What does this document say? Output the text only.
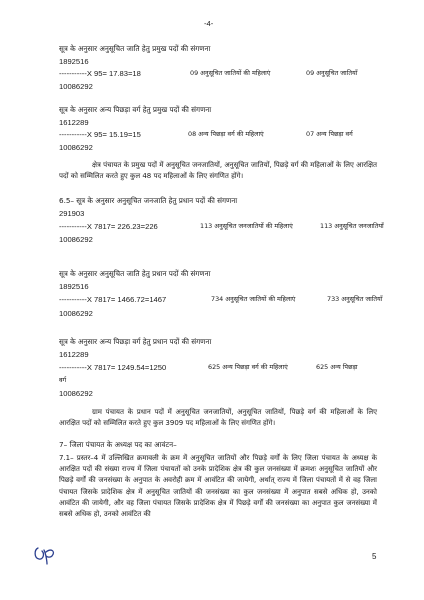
-4-
सूत्र के अनुसार अनुसूचित जाति हेतु प्रमुख पदों की संगणना
1892516
-----------X 95= 17.83=18	09 अनुसूचित जातियों की महिलाएं	09 अनुसूचित जातियाँ
10086292
सूत्र के अनुसार अन्य पिछड़ा वर्ग हेतु प्रमुख पदों की संगणना
1612289
-----------X 95= 15.19=15	08 अन्य पिछड़ा वर्ग की महिलाएं	07 अन्य पिछड़ा वर्ग
10086292
क्षेत्र पंचायत के प्रमुख पदों में अनुसूचित जनजातियों, अनुसूचित जातियों, पिछड़े वर्ग की महिलाओं के लिए आरक्षित पदों को सम्मिलित करते हुए कुल 48 पद महिलाओं के लिए संगणित होंगे।
6.5– सूत्र के अनुसार अनुसूचित जनजाति हेतु प्रधान पदों की संगणना
291903
-----------X 7817= 226.23=226	113 अनुसूचित जनजातियों की महिलाएं	113 अनुसूचित जनजातियाँ
10086292
सूत्र के अनुसार अनुसूचित जाति हेतु प्रधान पदों की संगणना
1892516
-----------X 7817= 1466.72=1467	734 अनुसूचित जातियों की महिलाएं	733 अनुसूचित जातियाँ
10086292
सूत्र के अनुसार अन्य पिछड़ा वर्ग हेतु प्रधान पदों की संगणना
1612289
-----------X 7817= 1249.54=1250	625 अन्य पिछड़ा वर्ग की महिलाएं	625 अन्य पिछड़ा
वर्ग
10086292
ग्राम पंचायत के प्रधान पदों में अनुसूचित जनजातियों, अनुसूचित जातियों, पिछड़े वर्ग की महिलाओं के लिए आरक्षित पदों को सम्मिलित करते हुए कुल 3909 पद महिलाओं के लिए संगणित होंगे।
7– जिला पंचायत के अध्यक्ष पद का आवंटन–
7.1– प्रस्तर–4 में उल्लिखित क्रमावली के क्रम में अनुसूचित जातियों और पिछड़े वर्गों के लिए जिला पंचायत के अध्यक्ष के आरक्षित पदों की संख्या राज्य में जिला पंचायतों को उनके प्रादेशिक क्षेत्र की कुल जनसंख्या में क्रमशः अनुसूचित जातियों और पिछड़े वर्गों की जनसंख्या के अनुपात के अवरोही क्रम में आवंटित की जायेगी, अर्थात् राज्य में जिला पंचायतों में से वह जिला पंचायत जिसके प्रादेशिक क्षेत्र में अनुसूचित जातियों की जनसंख्या का कुल जनसंख्या में अनुपात सबसे अधिक हो, उनको आवंटित की जायेगी, और वह जिला पंचायत जिसके प्रादेशिक क्षेत्र में पिछड़े वर्गों की जनसंख्या का अनुपात कुल जनसंख्या में सबसे अधिक हो, उनको आवंटित की
5
